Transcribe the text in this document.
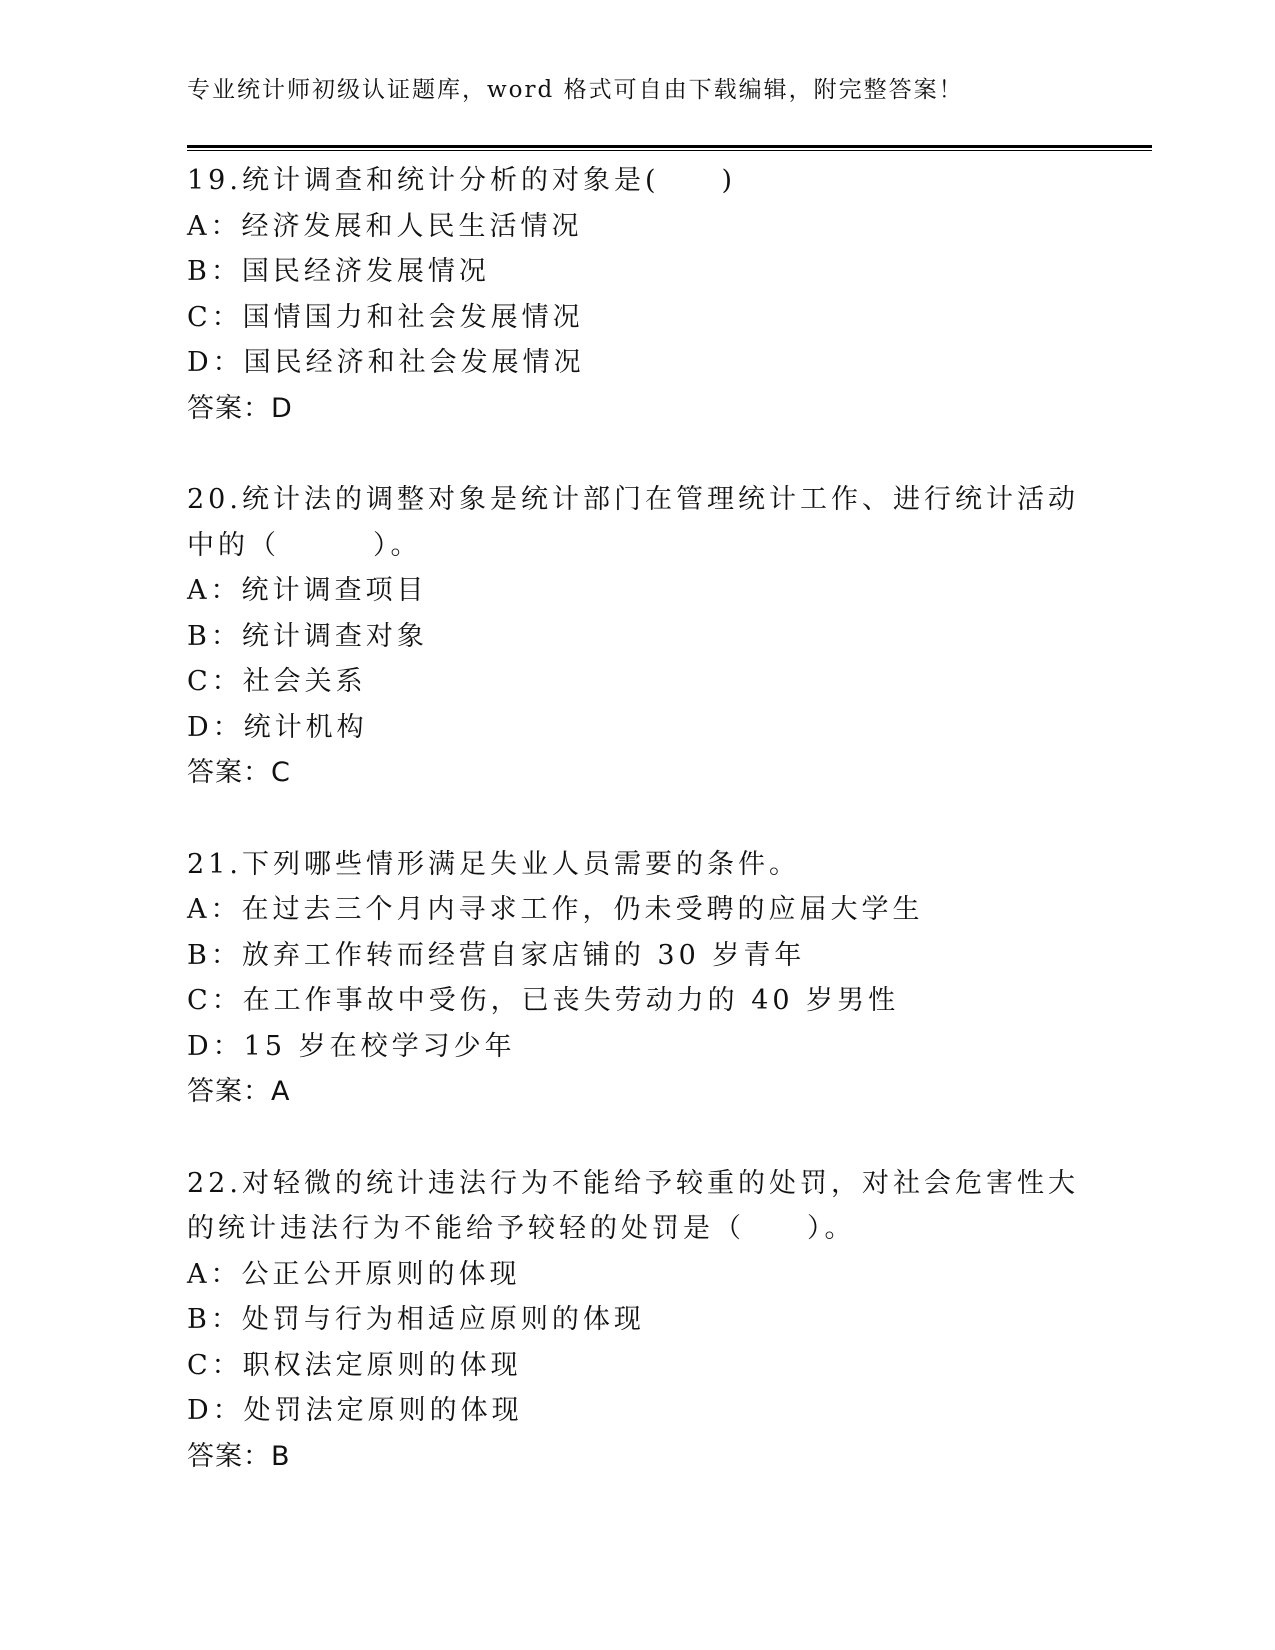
专业统计师初级认证题库，word 格式可自由下载编辑，附完整答案！
19.统计调查和统计分析的对象是(　　)
A：经济发展和人民生活情况
B：国民经济发展情况
C：国情国力和社会发展情况
D：国民经济和社会发展情况
答案：D
20.统计法的调整对象是统计部门在管理统计工作、进行统计活动中的（　　　）。
A：统计调查项目
B：统计调查对象
C：社会关系
D：统计机构
答案：C
21.下列哪些情形满足失业人员需要的条件。
A：在过去三个月内寻求工作，仍未受聘的应届大学生
B：放弃工作转而经营自家店铺的 30 岁青年
C：在工作事故中受伤，已丧失劳动力的 40 岁男性
D：15 岁在校学习少年
答案：A
22.对轻微的统计违法行为不能给予较重的处罚，对社会危害性大的统计违法行为不能给予较轻的处罚是（　　）。
A：公正公开原则的体现
B：处罚与行为相适应原则的体现
C：职权法定原则的体现
D：处罚法定原则的体现
答案：B
